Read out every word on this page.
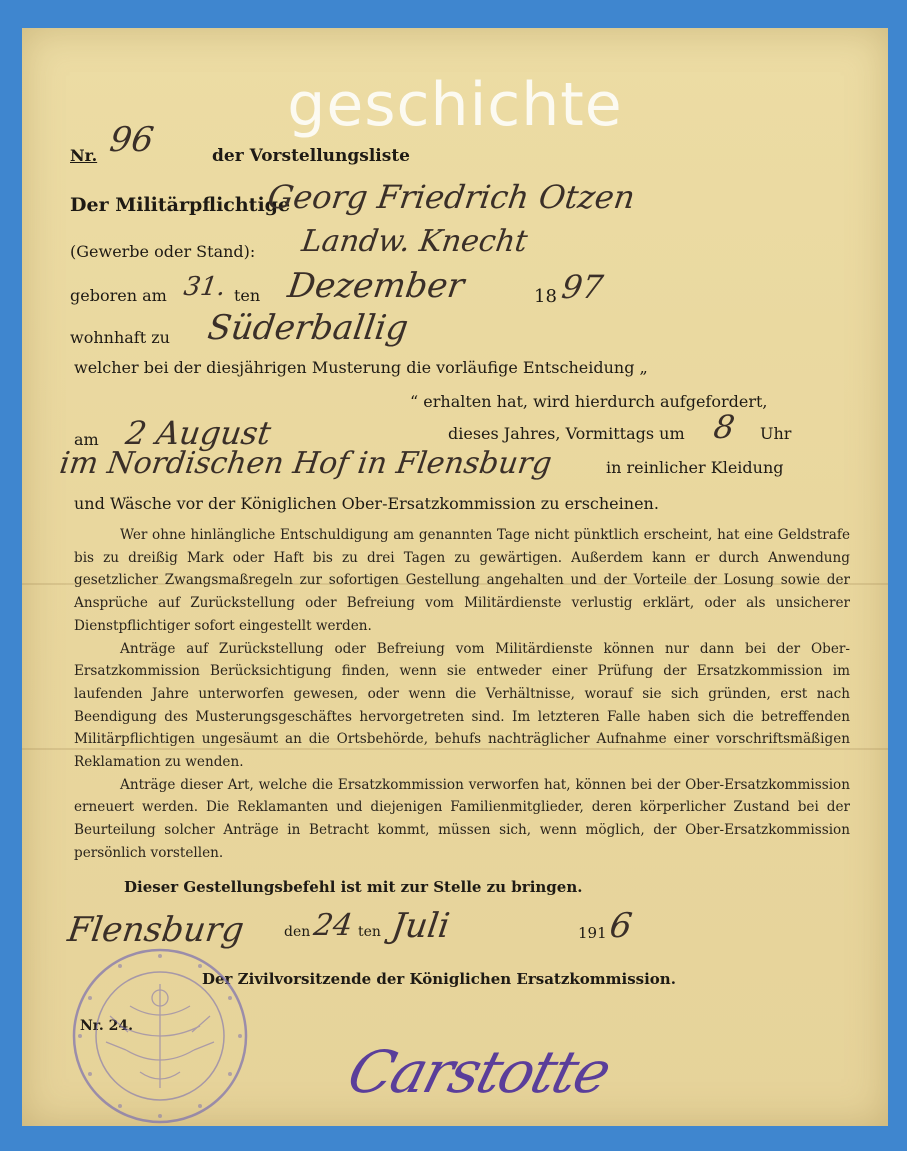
geschichte
Nr. 96	der Vorstellungsliste
Der Militärpflichtige
Georg Friedrich Otzen
(Gewerbe oder Stand): Landw. Knecht
geboren am 31. ten Dezember	18 97
wohnhaft zu Süderballig
welcher bei der diesjährigen Musterung die vorläufige Entscheidung „
“ erhalten hat, wird hierdurch aufgefordert,
am 2 August	dieses Jahres, Vormittags um 8 Uhr
im Nordischen Hof in Flensburg	in reinlicher Kleidung
und Wäsche vor der Königlichen Ober-Ersatzkommission zu erscheinen.

Wer ohne hinlängliche Entschuldigung am genannten Tage nicht pünktlich erscheint, hat eine Geldstrafe bis zu dreißig Mark oder Haft bis zu drei Tagen zu gewärtigen. Außerdem kann er durch Anwendung gesetzlicher Zwangsmaßregeln zur sofortigen Gestellung angehalten und der Vorteile der Losung sowie der Ansprüche auf Zurückstellung oder Befreiung vom Militärdienste verlustig erklärt, oder als unsicherer Dienstpflichtiger sofort eingestellt werden.

Anträge auf Zurückstellung oder Befreiung vom Militärdienste können nur dann bei der Ober-Ersatzkommission Berücksichtigung finden, wenn sie entweder einer Prüfung der Ersatzkommission im laufenden Jahre unterworfen gewesen, oder wenn die Verhältnisse, worauf sie sich gründen, erst nach Beendigung des Musterungsgeschäftes hervorgetreten sind. Im letzteren Falle haben sich die betreffenden Militärpflichtigen ungesäumt an die Ortsbehörde, behufs nachträglicher Aufnahme einer vorschriftsmäßigen Reklamation zu wenden.

Anträge dieser Art, welche die Ersatzkommission verworfen hat, können bei der Ober-Ersatzkommission erneuert werden. Die Reklamanten und diejenigen Familienmitglieder, deren körperlicher Zustand bei der Beurteilung solcher Anträge in Betracht kommt, müssen sich, wenn möglich, der Ober-Ersatzkommission persönlich vorstellen.

Dieser Gestellungsbefehl ist mit zur Stelle zu bringen.
Flensburg	den 24 ten Juli	191 6
Der Zivilvorsitzende der Königlichen Ersatzkommission.
Nr. 24.
Carstotte
